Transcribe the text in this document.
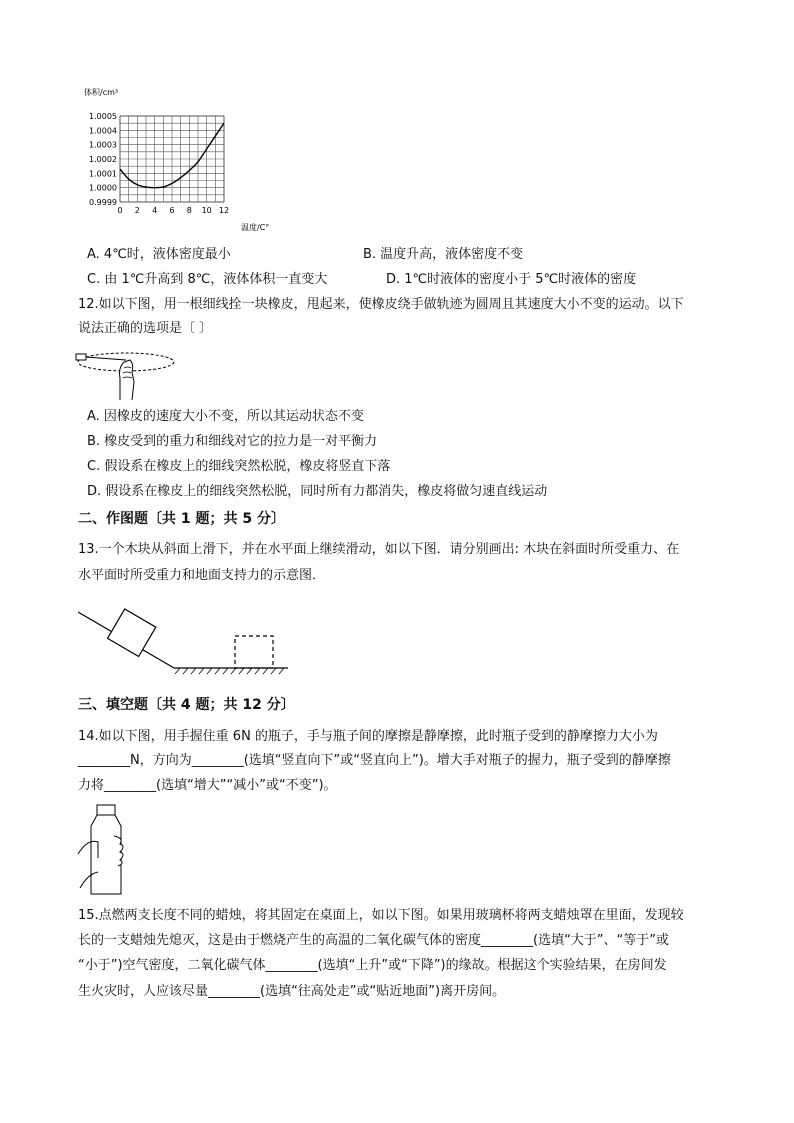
1.0005
1.0004
1.0003
1.0002
1.0001
1.0000
0.9999
0 2 4 6 8 10 12
体积/cm³
温度/C°
A. 4℃时，液体密度最小	B. 温度升高，液体密度不变
C. 由 1℃升高到 8℃，液体体积一直变大	D. 1℃时液体的密度小于 5℃时液体的密度
12.如以下图，用一根细线拴一块橡皮，甩起来，使橡皮绕手做轨迹为圆周且其速度大小不变的运动。以下
说法正确的选项是〔 〕
A. 因橡皮的速度大小不变，所以其运动状态不变
B. 橡皮受到的重力和细线对它的拉力是一对平衡力
C. 假设系在橡皮上的细线突然松脱，橡皮将竖直下落
D. 假设系在橡皮上的细线突然松脱，同时所有力都消失，橡皮将做匀速直线运动
二、作图题〔共 1 题；共 5 分〕
13.一个木块从斜面上滑下，并在水平面上继续滑动，如以下图．请分别画出: 木块在斜面时所受重力、在
水平面时所受重力和地面支持力的示意图．
三、填空题〔共 4 题；共 12 分〕
14.如以下图，用手握住重 6N 的瓶子，手与瓶子间的摩擦是静摩擦，此时瓶子受到的静摩擦力大小为
________N，方向为________(选填“竖直向下”或“竖直向上”)。增大手对瓶子的握力，瓶子受到的静摩擦
力将________(选填“增大”“减小”或“不变”)。
15.点燃两支长度不同的蜡烛，将其固定在桌面上，如以下图。如果用玻璃杯将两支蜡烛罩在里面，发现较
长的一支蜡烛先熄灭，这是由于燃烧产生的高温的二氧化碳气体的密度________(选填“大于”、“等于”或
“小于”)空气密度，二氧化碳气体________(选填“上升”或“下降”)的缘故。根据这个实验结果，在房间发
生火灾时，人应该尽量________(选填“往高处走”或“贴近地面”)离开房间。
